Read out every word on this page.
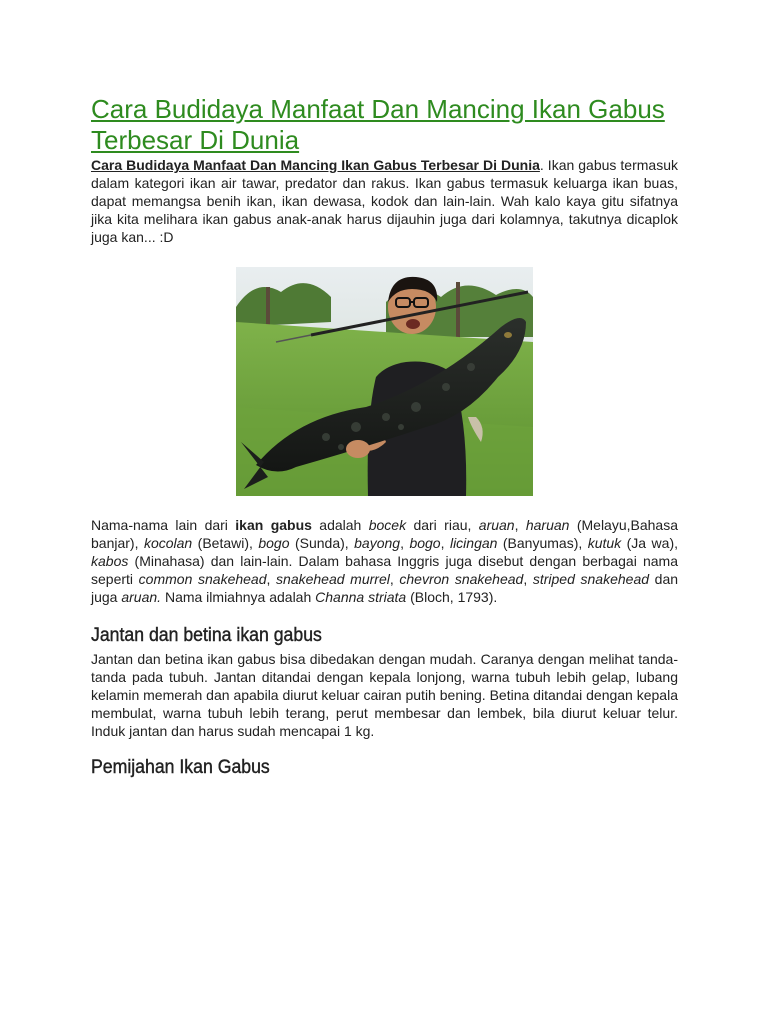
Cara Budidaya Manfaat Dan Mancing Ikan Gabus Terbesar Di Dunia

Cara Budidaya Manfaat Dan Mancing Ikan Gabus Terbesar Di Dunia. Ikan gabus termasuk dalam kategori ikan air tawar, predator dan rakus. Ikan gabus termasuk keluarga ikan buas, dapat memangsa benih ikan, ikan dewasa, kodok dan lain-lain. Wah kalo kaya gitu sifatnya jika kita melihara ikan gabus anak-anak harus dijauhin juga dari kolamnya, takutnya dicaplok juga kan... :D

Nama-nama lain dari ikan gabus adalah bocek dari riau, aruan, haruan (Melayu,Bahasa banjar), kocolan (Betawi), bogo (Sunda), bayong, bogo, licingan (Banyumas), kutuk (Ja wa), kabos (Minahasa) dan lain-lain. Dalam bahasa Inggris juga disebut dengan berbagai nama seperti common snakehead, snakehead murrel, chevron snakehead, striped snakehead dan juga aruan. Nama ilmiahnya adalah Channa striata (Bloch, 1793).

Jantan dan betina ikan gabus

Jantan dan betina ikan gabus bisa dibedakan dengan mudah. Caranya dengan melihat tanda-tanda pada tubuh. Jantan ditandai dengan kepala lonjong, warna tubuh lebih gelap, lubang kelamin memerah dan apabila diurut keluar cairan putih bening. Betina ditandai dengan kepala membulat, warna tubuh lebih terang, perut membesar dan lembek, bila diurut keluar telur. Induk jantan dan harus sudah mencapai 1 kg.

Pemijahan Ikan Gabus
